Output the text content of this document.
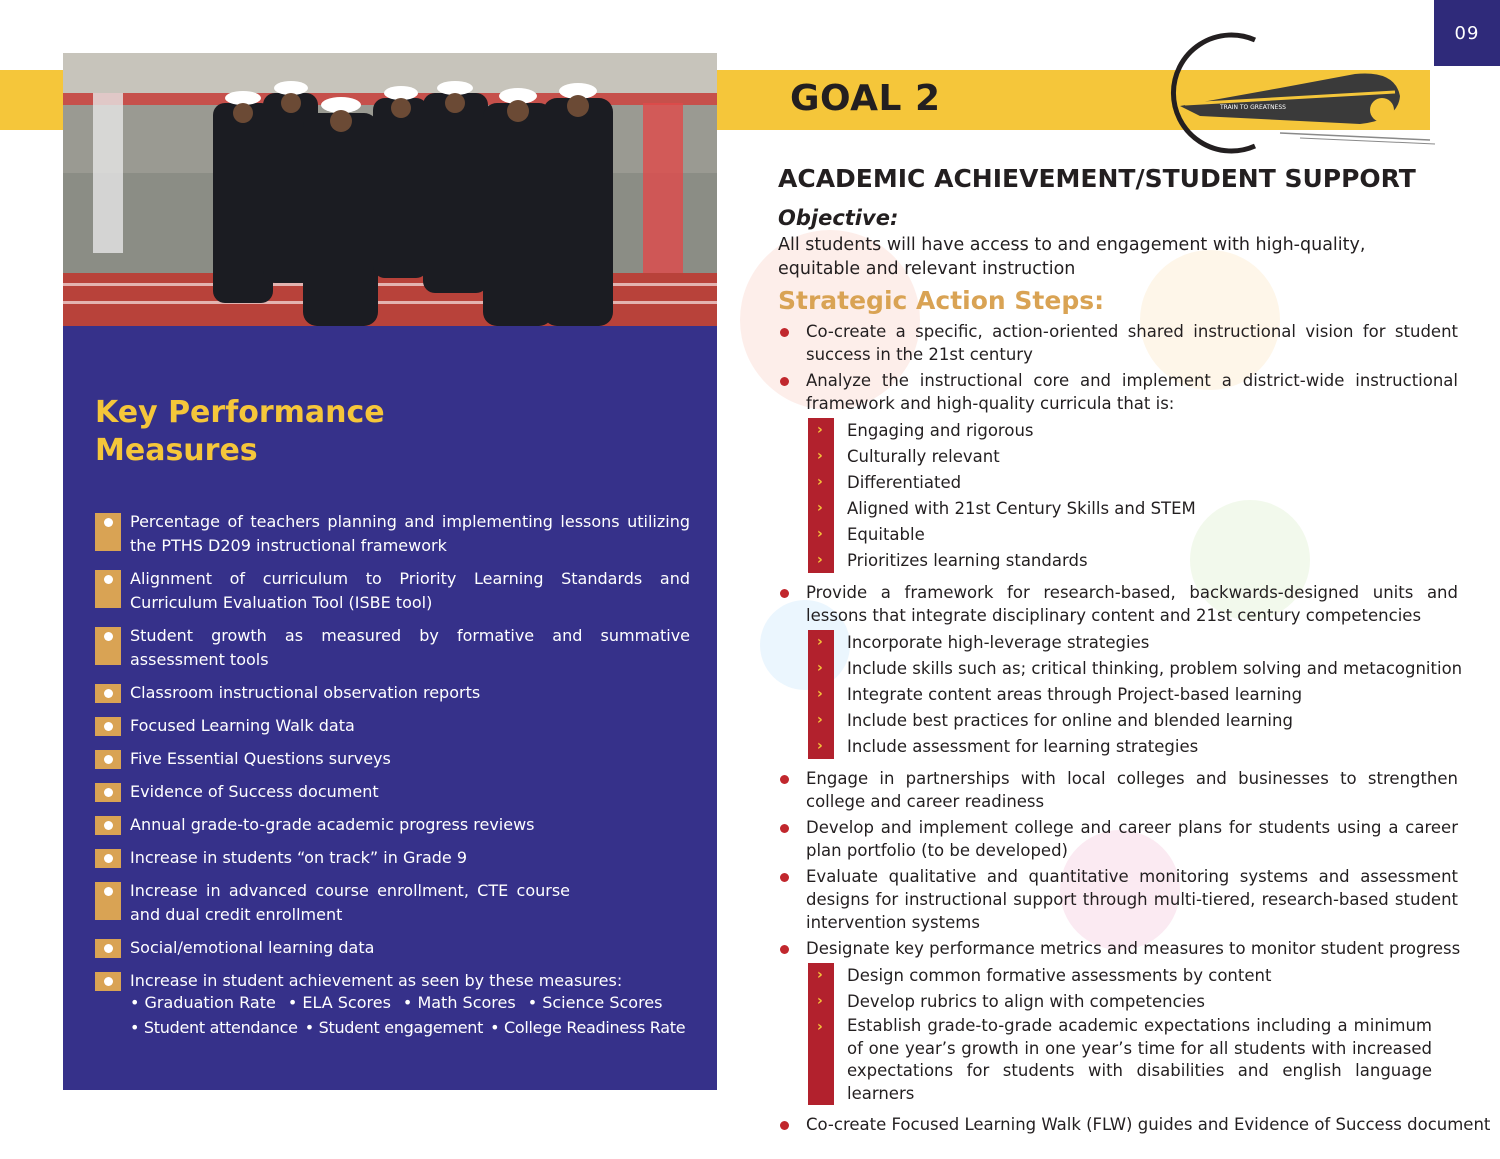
09
Key Performance Measures
Percentage of teachers planning and implementing lessons utilizing the PTHS D209 instructional framework
Alignment of curriculum to Priority Learning Standards and Curriculum Evaluation Tool (ISBE tool)
Student growth as measured by formative and summative assessment tools
Classroom instructional observation reports
Focused Learning Walk data
Five Essential Questions surveys
Evidence of Success document
Annual grade-to-grade academic progress reviews
Increase in students “on track” in Grade 9
Increase in advanced course enrollment, CTE course and dual credit enrollment
Social/emotional learning data
Increase in student achievement as seen by these measures:
• Graduation Rate • ELA Scores • Math Scores • Science Scores
• Student attendance • Student engagement • College Readiness Rate
GOAL 2	TRAIN TO GREATNESS
ACADEMIC ACHIEVEMENT/STUDENT SUPPORT
Objective:
All students will have access to and engagement with high-quality, equitable and relevant instruction
Strategic Action Steps:
Co-create a specific, action-oriented shared instructional vision for student success in the 21st century
Analyze the instructional core and implement a district-wide instructional framework and high-quality curricula that is:
› Engaging and rigorous
› Culturally relevant
› Differentiated
› Aligned with 21st Century Skills and STEM
› Equitable
› Prioritizes learning standards
Provide a framework for research-based, backwards-designed units and lessons that integrate disciplinary content and 21st century competencies
› Incorporate high-leverage strategies
› Include skills such as; critical thinking, problem solving and metacognition
› Integrate content areas through Project-based learning
› Include best practices for online and blended learning
› Include assessment for learning strategies
Engage in partnerships with local colleges and businesses to strengthen college and career readiness
Develop and implement college and career plans for students using a career plan portfolio (to be developed)
Evaluate qualitative and quantitative monitoring systems and assessment designs for instructional support through multi-tiered, research-based student intervention systems
Designate key performance metrics and measures to monitor student progress
› Design common formative assessments by content
› Develop rubrics to align with competencies
› Establish grade-to-grade academic expectations including a minimum of one year’s growth in one year’s time for all students with increased expectations for students with disabilities and english language learners
Co-create Focused Learning Walk (FLW) guides and Evidence of Success document
